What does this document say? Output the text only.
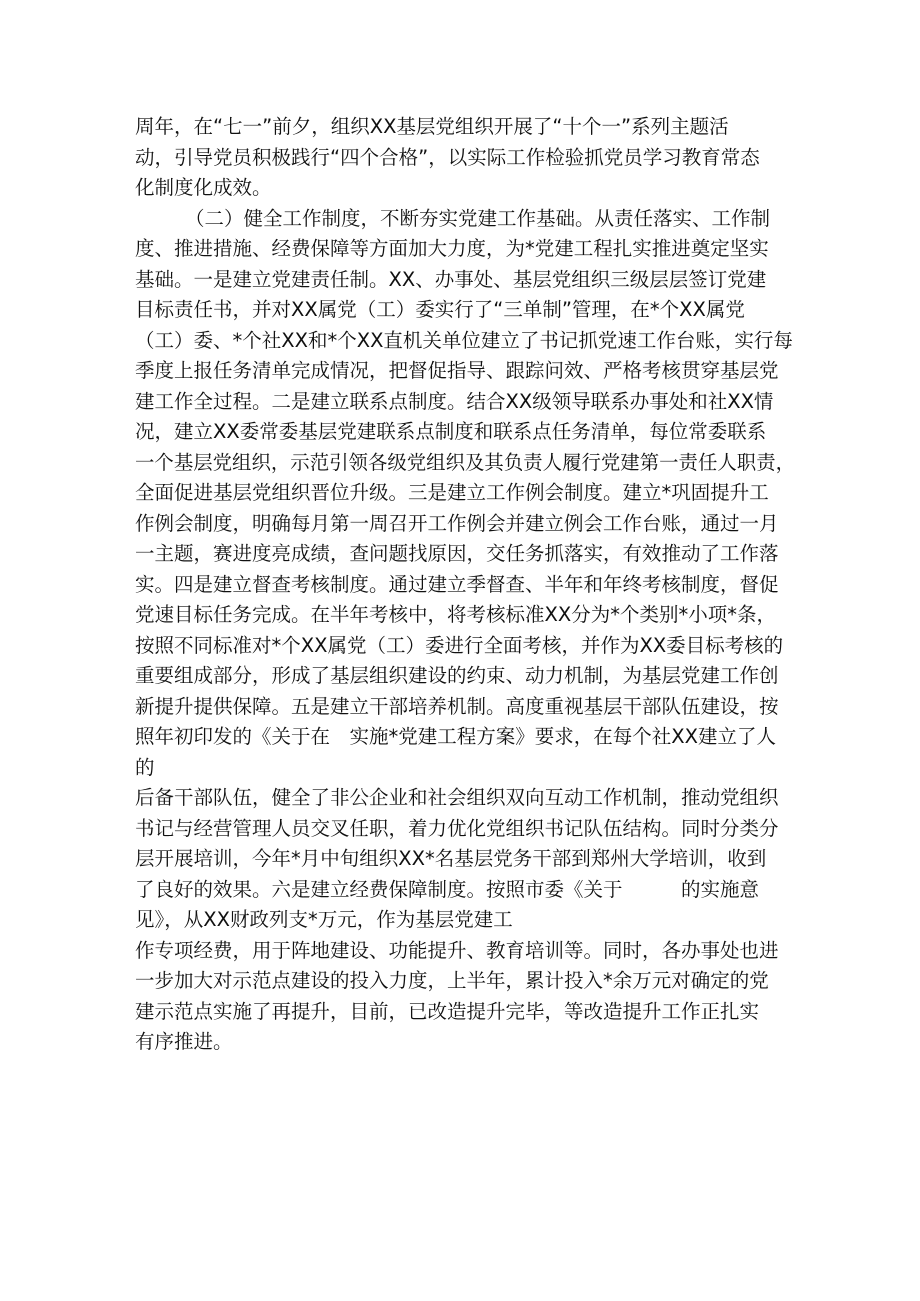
周年，在“七一”前夕，组织XX基层党组织开展了“十个一”系列主题活
动，引导党员积极践行“四个合格”，以实际工作检验抓党员学习教育常态
化制度化成效。
（二）健全工作制度，不断夯实党建工作基础。从责任落实、工作制
度、推进措施、经费保障等方面加大力度，为*党建工程扎实推进奠定坚实
基础。一是建立党建责任制。XX、办事处、基层党组织三级层层签订党建
目标责任书，并对XX属党（工）委实行了“三单制”管理，在*个XX属党
（工）委、*个社XX和*个XX直机关单位建立了书记抓党速工作台账，实行每
季度上报任务清单完成情况，把督促指导、跟踪问效、严格考核贯穿基层党
建工作全过程。二是建立联系点制度。结合XX级领导联系办事处和社XX情
况，建立XX委常委基层党建联系点制度和联系点任务清单，每位常委联系
一个基层党组织，示范引领各级党组织及其负责人履行党建第一责任人职责，
全面促进基层党组织晋位升级。三是建立工作例会制度。建立*巩固提升工
作例会制度，明确每月第一周召开工作例会并建立例会工作台账，通过一月
一主题，赛进度亮成绩，查问题找原因，交任务抓落实，有效推动了工作落
实。四是建立督查考核制度。通过建立季督查、半年和年终考核制度，督促
党速目标任务完成。在半年考核中，将考核标准XX分为*个类别*小项*条，
按照不同标准对*个XX属党（工）委进行全面考核，并作为XX委目标考核的
重要组成部分，形成了基层组织建设的约束、动力机制，为基层党建工作创
新提升提供保障。五是建立干部培养机制。高度重视基层干部队伍建设，按
照年初印发的《关于在　实施*党建工程方案》要求，在每个社XX建立了人
的
后备干部队伍，健全了非公企业和社会组织双向互动工作机制，推动党组织
书记与经营管理人员交叉任职，着力优化党组织书记队伍结构。同时分类分
层开展培训，今年*月中旬组织XX*名基层党务干部到郑州大学培训，收到
了良好的效果。六是建立经费保障制度。按照市委《关于　　　的实施意
见》，从XX财政列支*万元，作为基层党建工
作专项经费，用于阵地建设、功能提升、教育培训等。同时，各办事处也进
一步加大对示范点建设的投入力度，上半年，累计投入*余万元对确定的党
建示范点实施了再提升，目前，已改造提升完毕，等改造提升工作正扎实
有序推进。
